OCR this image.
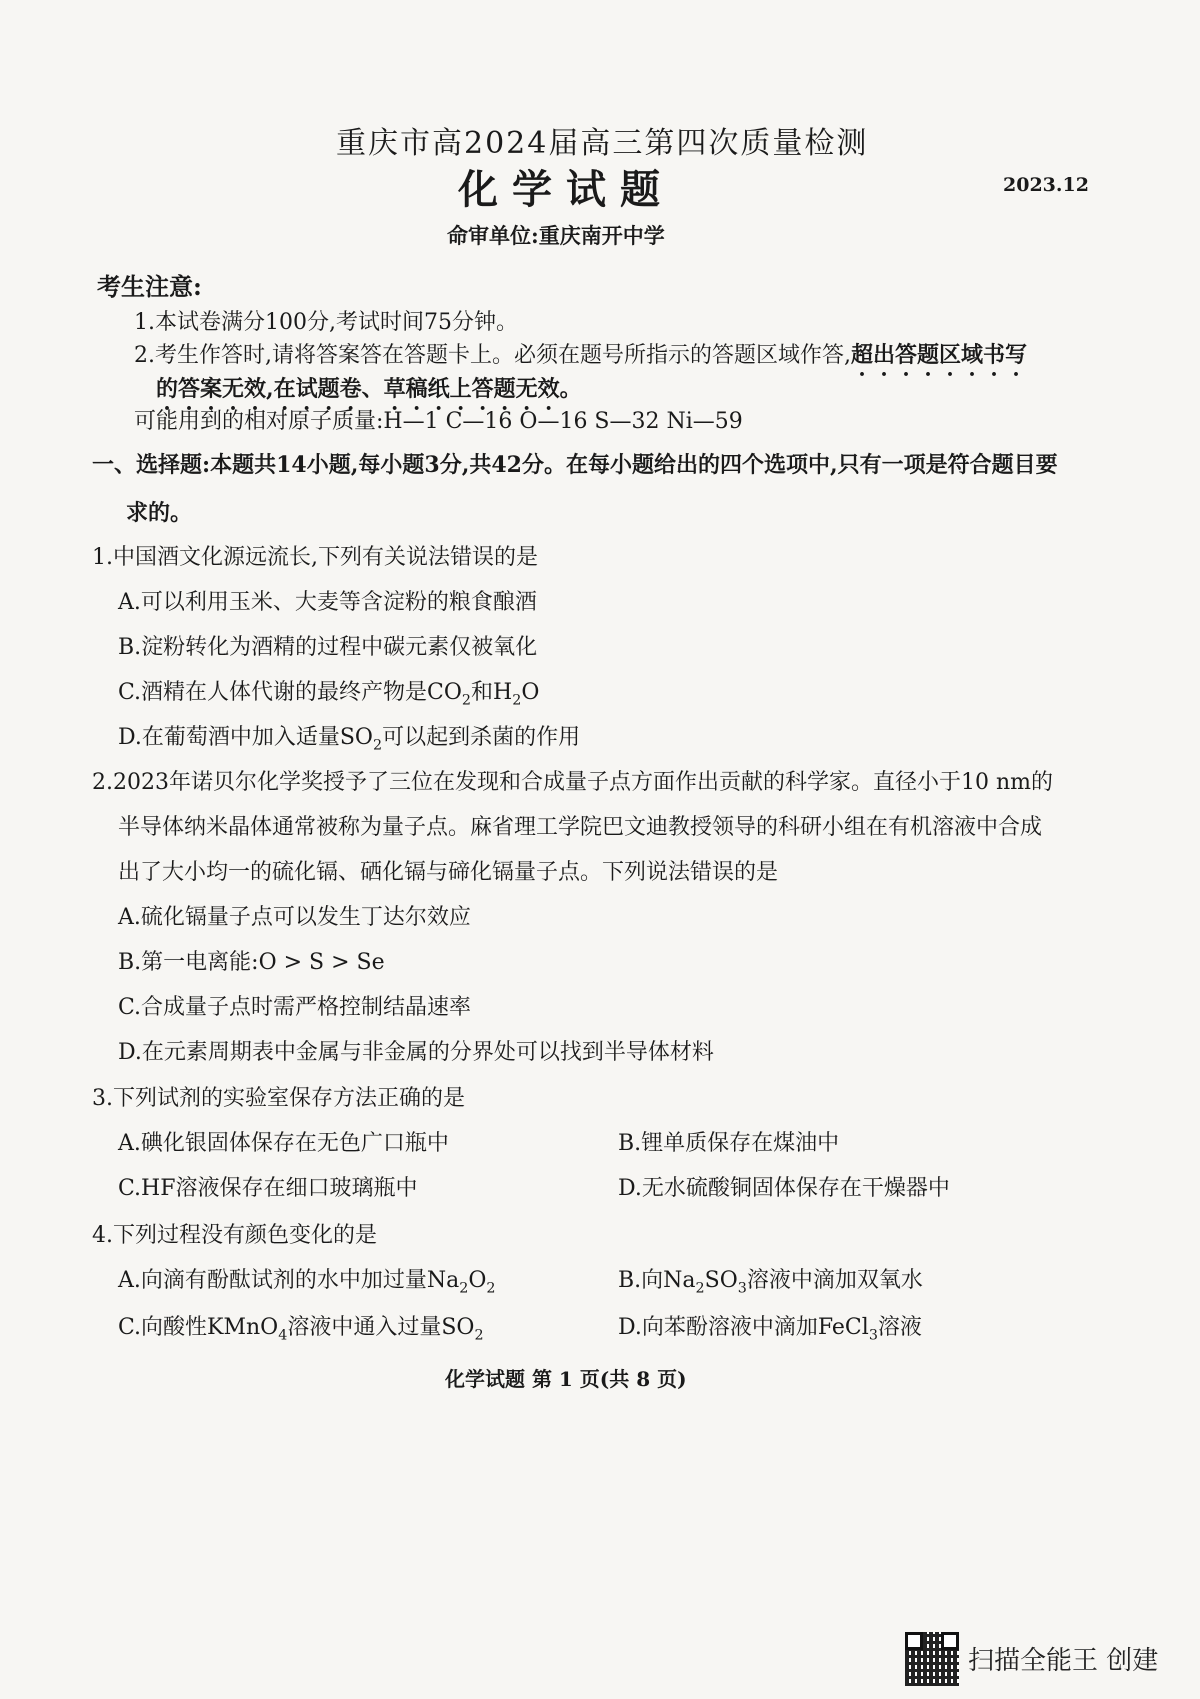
重庆市高2024届高三第四次质量检测
化学试题	2023.12
命审单位:重庆南开中学
考生注意:
1.本试卷满分100分,考试时间75分钟。
2.考生作答时,请将答案答在答题卡上。必须在题号所指示的答题区域作答,超出答题区域书写
的答案无效,在试题卷、草稿纸上答题无效。
可能用到的相对原子质量:H—1 C—16 O—16 S—32 Ni—59
一、选择题:本题共14小题,每小题3分,共42分。在每小题给出的四个选项中,只有一项是符合题目要
求的。
1.中国酒文化源远流长,下列有关说法错误的是
A.可以利用玉米、大麦等含淀粉的粮食酿酒
B.淀粉转化为酒精的过程中碳元素仅被氧化
C.酒精在人体代谢的最终产物是$CO_2$和$H_2O$
D.在葡萄酒中加入适量$SO_2$可以起到杀菌的作用
2.2023年诺贝尔化学奖授予了三位在发现和合成量子点方面作出贡献的科学家。直径小于10 nm的
半导体纳米晶体通常被称为量子点。麻省理工学院巴文迪教授领导的科研小组在有机溶液中合成
出了大小均一的硫化镉、硒化镉与碲化镉量子点。下列说法错误的是
A.硫化镉量子点可以发生丁达尔效应
B.第一电离能:O > S > Se
C.合成量子点时需严格控制结晶速率
D.在元素周期表中金属与非金属的分界处可以找到半导体材料
3.下列试剂的实验室保存方法正确的是
A.碘化银固体保存在无色广口瓶中	B.锂单质保存在煤油中
C.HF溶液保存在细口玻璃瓶中	D.无水硫酸铜固体保存在干燥器中
4.下列过程没有颜色变化的是
A.向滴有酚酞试剂的水中加过量$Na_2O_2$	B.向$Na_2SO_3$溶液中滴加双氧水
C.向酸性KMnO$_4$溶液中通入过量$SO_2$	D.向苯酚溶液中滴加FeCl$_3$溶液
化学试题 第 1 页(共 8 页)
扫描全能王 创建
